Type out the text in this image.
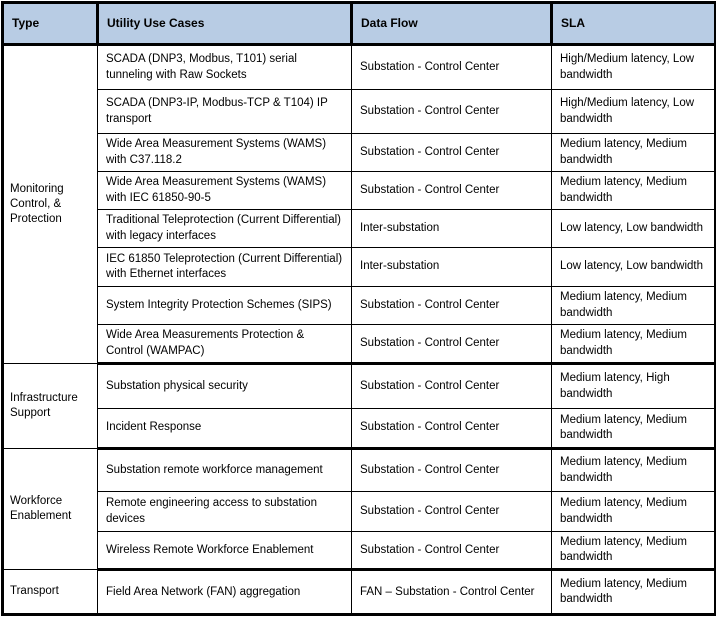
Type	Utility Use Cases	Data Flow	SLA
Monitoring Control, & Protection	SCADA (DNP3, Modbus, T101) serial tunneling with Raw Sockets	Substation - Control Center	High/Medium latency, Low bandwidth
	SCADA (DNP3-IP, Modbus-TCP & T104) IP transport	Substation - Control Center	High/Medium latency, Low bandwidth
	Wide Area Measurement Systems (WAMS) with C37.118.2	Substation - Control Center	Medium latency, Medium bandwidth
	Wide Area Measurement Systems (WAMS) with IEC 61850-90-5	Substation - Control Center	Medium latency, Medium bandwidth
	Traditional Teleprotection (Current Differential) with legacy interfaces	Inter-substation	Low latency, Low bandwidth
	IEC 61850 Teleprotection (Current Differential) with Ethernet interfaces	Inter-substation	Low latency, Low bandwidth
	System Integrity Protection Schemes (SIPS)	Substation - Control Center	Medium latency, Medium bandwidth
	Wide Area Measurements Protection & Control (WAMPAC)	Substation - Control Center	Medium latency, Medium bandwidth
Infrastructure Support	Substation physical security	Substation - Control Center	Medium latency, High bandwidth
	Incident Response	Substation - Control Center	Medium latency, Medium bandwidth
Workforce Enablement	Substation remote workforce management	Substation - Control Center	Medium latency, Medium bandwidth
	Remote engineering access to substation devices	Substation - Control Center	Medium latency, Medium bandwidth
	Wireless Remote Workforce Enablement	Substation - Control Center	Medium latency, Medium bandwidth
Transport	Field Area Network (FAN) aggregation	FAN – Substation - Control Center	Medium latency, Medium bandwidth
